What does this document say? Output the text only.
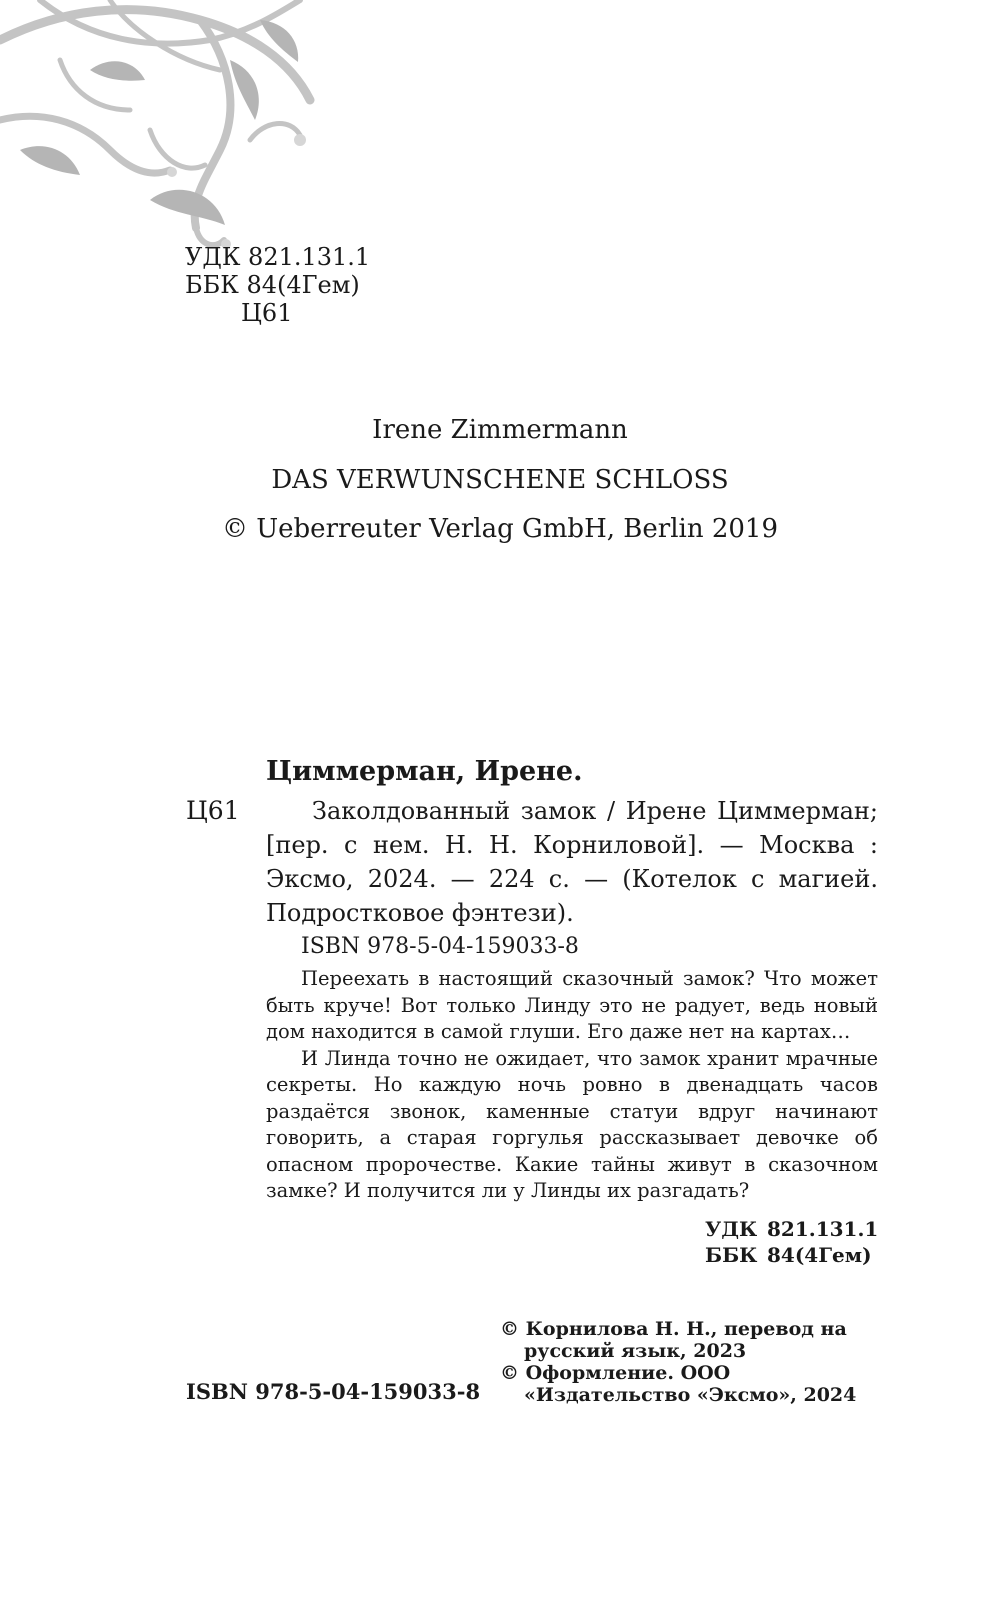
УДК 821.131.1
ББК 84(4Гем)
Ц61
Irene Zimmermann
DAS VERWUNSCHENE SCHLOSS
© Ueberreuter Verlag GmbH, Berlin 2019
Циммерман, Ирене.
Ц61	Заколдованный замок / Ирене Циммерман; [пер. с нем. Н. Н. Корниловой]. — Москва : Эксмо, 2024. — 224 с. — (Котелок с магией. Подростковое фэнтези).
ISBN 978-5-04-159033-8

Переехать в настоящий сказочный замок? Что может быть круче! Вот только Линду это не радует, ведь новый дом находится в самой глуши. Его даже нет на картах…

И Линда точно не ожидает, что замок хранит мрачные секреты. Но каждую ночь ровно в двенадцать часов раздаётся звонок, каменные статуи вдруг начинают говорить, а старая горгулья рассказывает девочке об опасном пророчестве. Какие тайны живут в сказочном замке? И получится ли у Линды их разгадать?

УДК 821.131.1
ББК 84(4Гем)
© Корнилова Н. Н., перевод на русский язык, 2023
© Оформление. ООО «Издательство «Эксмо», 2024
ISBN 978-5-04-159033-8
